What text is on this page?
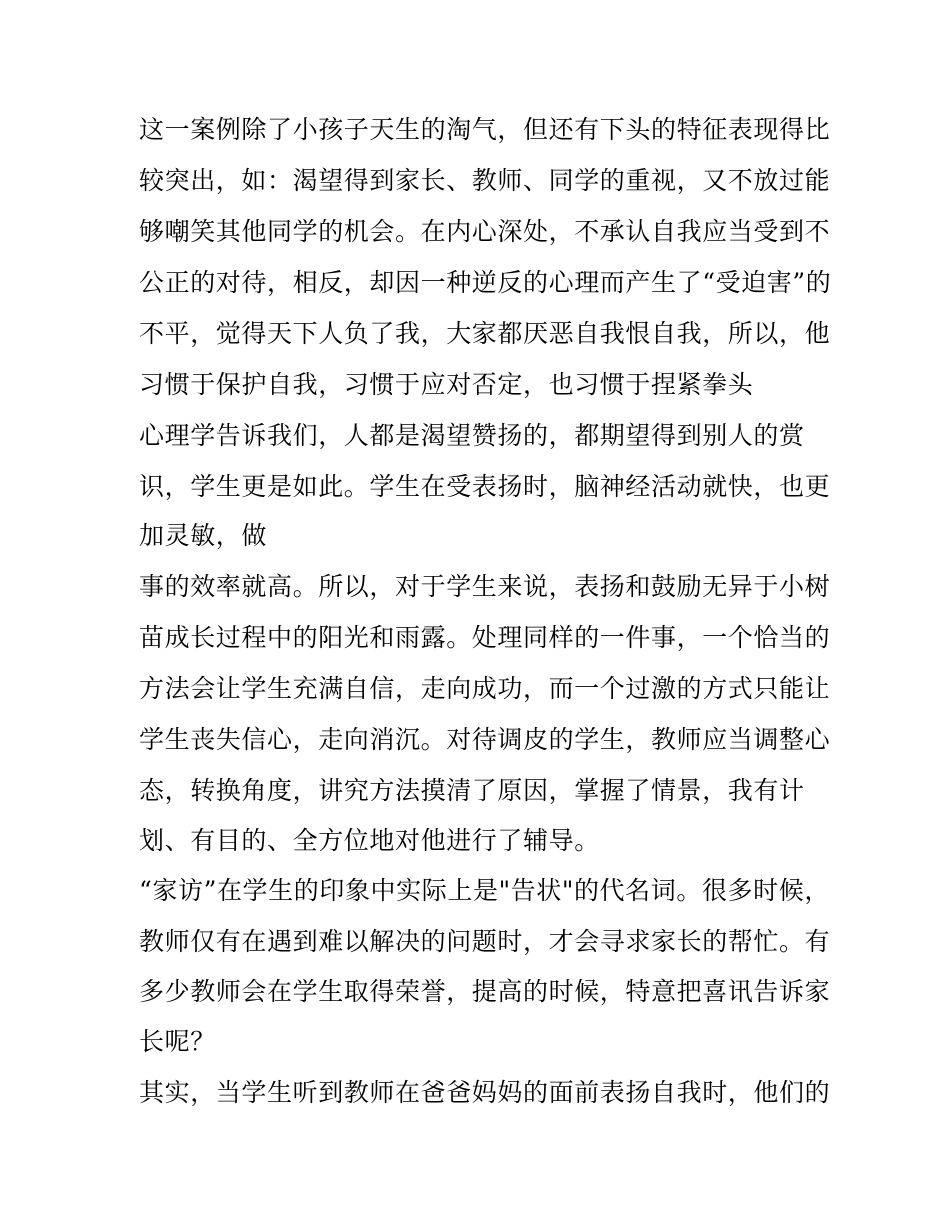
这一案例除了小孩子天生的淘气，但还有下头的特征表现得比
较突出，如：渴望得到家长、教师、同学的重视，又不放过能
够嘲笑其他同学的机会。在内心深处，不承认自我应当受到不
公正的对待，相反，却因一种逆反的心理而产生了“受迫害”的
不平，觉得天下人负了我，大家都厌恶自我恨自我，所以，他
习惯于保护自我，习惯于应对否定，也习惯于捏紧拳头
心理学告诉我们，人都是渴望赞扬的，都期望得到别人的赏
识，学生更是如此。学生在受表扬时，脑神经活动就快，也更
加灵敏，做
事的效率就高。所以，对于学生来说，表扬和鼓励无异于小树
苗成长过程中的阳光和雨露。处理同样的一件事，一个恰当的
方法会让学生充满自信，走向成功，而一个过激的方式只能让
学生丧失信心，走向消沉。对待调皮的学生，教师应当调整心
态，转换角度，讲究方法摸清了原因，掌握了情景，我有计
划、有目的、全方位地对他进行了辅导。
“家访”在学生的印象中实际上是"告状"的代名词。很多时候，
教师仅有在遇到难以解决的问题时，才会寻求家长的帮忙。有
多少教师会在学生取得荣誉，提高的时候，特意把喜讯告诉家
长呢？
其实，当学生听到教师在爸爸妈妈的面前表扬自我时，他们的
